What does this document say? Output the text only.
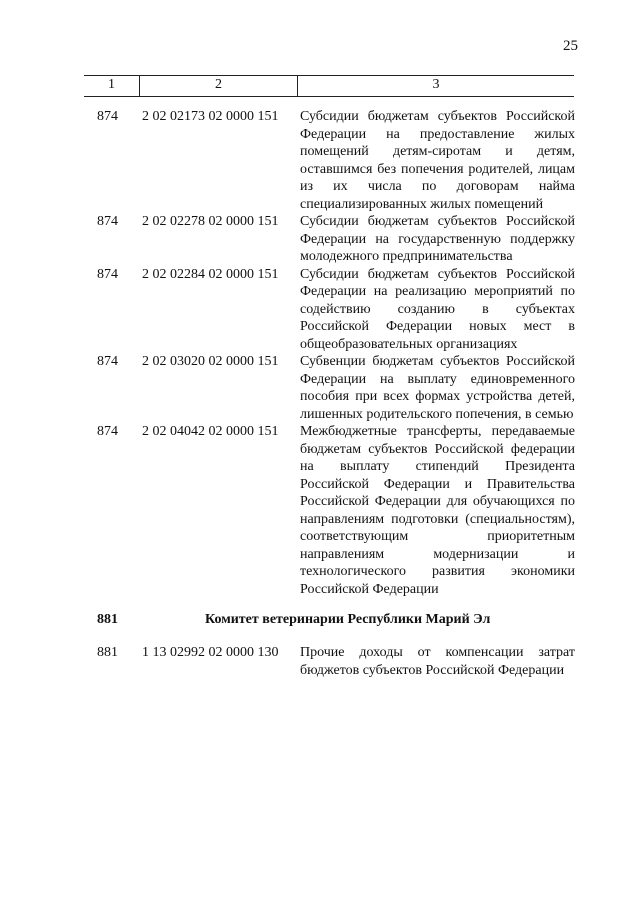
25
1	2	3
874 2 02 02173 02 0000 151 Субсидии бюджетам субъектов Российской Федерации на предоставление жилых помещений детям-сиротам и детям, оставшимся без попечения родителей, лицам из их числа по договорам найма специализированных жилых помещений
874 2 02 02278 02 0000 151 Субсидии бюджетам субъектов Российской Федерации на государственную поддержку молодежного предпринимательства
874 2 02 02284 02 0000 151 Субсидии бюджетам субъектов Российской Федерации на реализацию мероприятий по содействию созданию в субъектах Российской Федерации новых мест в общеобразовательных организациях
874 2 02 03020 02 0000 151 Субвенции бюджетам субъектов Российской Федерации на выплату единовременного пособия при всех формах устройства детей, лишенных родительского попечения, в семью
874 2 02 04042 02 0000 151 Межбюджетные трансферты, передаваемые бюджетам субъектов Российской федерации на выплату стипендий Президента Российской Федерации и Правительства Российской Федерации для обучающихся по направлениям подготовки (специальностям), соответствующим приоритетным направлениям модернизации и технологического развития экономики Российской Федерации
881	Комитет ветеринарии Республики Марий Эл
881 1 13 02992 02 0000 130 Прочие доходы от компенсации затрат бюджетов субъектов Российской Федерации
